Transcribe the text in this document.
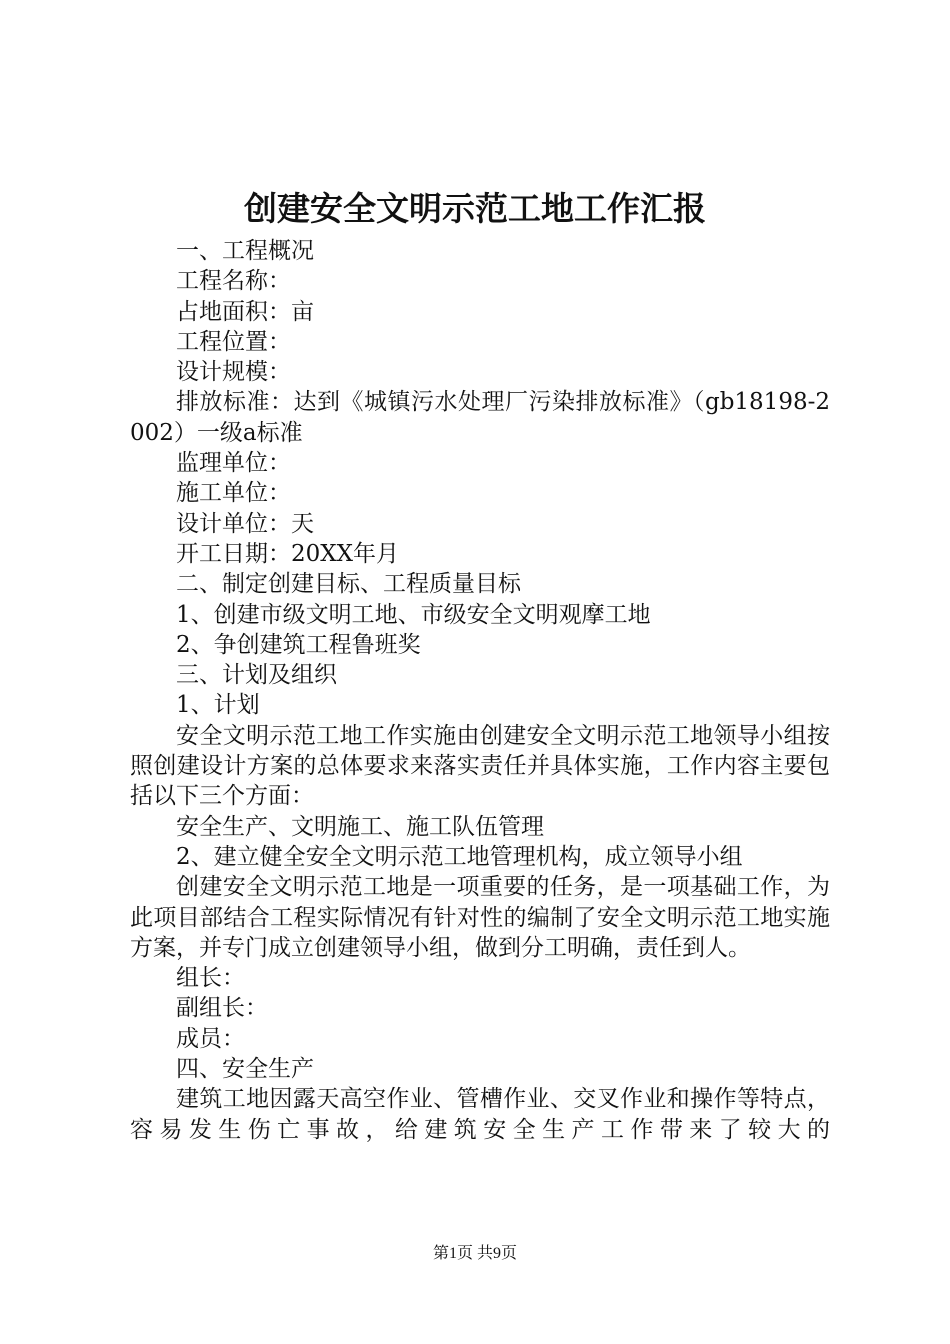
创建安全文明示范工地工作汇报

一、工程概况

工程名称：

占地面积：亩

工程位置：

设计规模：

排放标准：达到《城镇污水处理厂污染排放标准》（gb18198-2002）一级a标准

监理单位：

施工单位：

设计单位：天

开工日期：20XX年月

二、制定创建目标、工程质量目标

1、创建市级文明工地、市级安全文明观摩工地

2、争创建筑工程鲁班奖

三、计划及组织

1、计划

安全文明示范工地工作实施由创建安全文明示范工地领导小组按照创建设计方案的总体要求来落实责任并具体实施，工作内容主要包括以下三个方面：

安全生产、文明施工、施工队伍管理

2、建立健全安全文明示范工地管理机构，成立领导小组

创建安全文明示范工地是一项重要的任务，是一项基础工作，为此项目部结合工程实际情况有针对性的编制了安全文明示范工地实施方案，并专门成立创建领导小组，做到分工明确，责任到人。

组长：

副组长：

成员：

四、安全生产

建筑工地因露天高空作业、管槽作业、交叉作业和操作等特点，容易发生伤亡事故，给建筑安全生产工作带来了较大的

第1页 共9页
